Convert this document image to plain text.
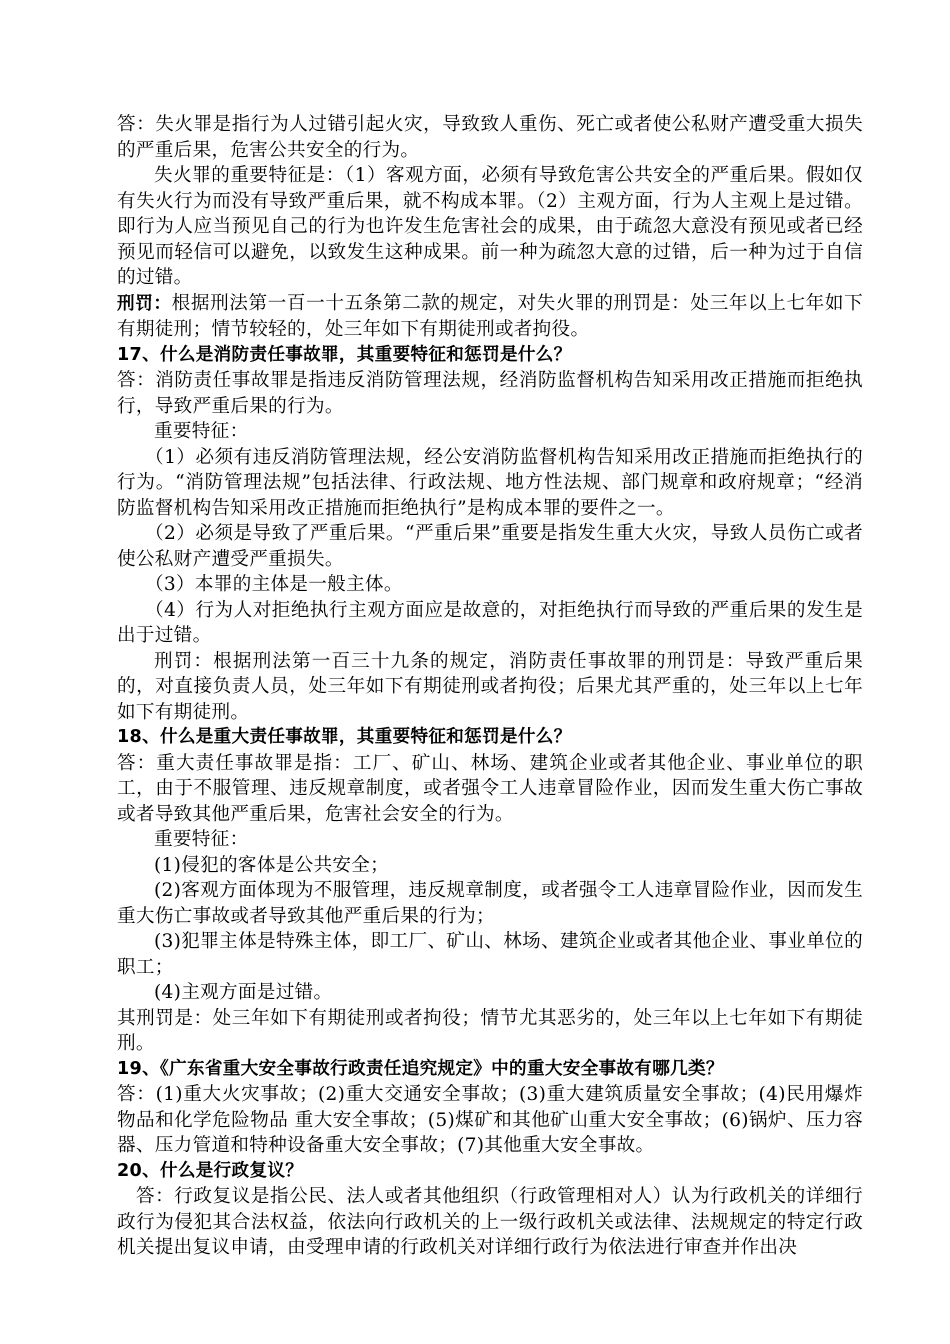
答：失火罪是指行为人过错引起火灾，导致致人重伤、死亡或者使公私财产遭受重大损失的严重后果，危害公共安全的行为。

失火罪的重要特征是：（1）客观方面，必须有导致危害公共安全的严重后果。假如仅有失火行为而没有导致严重后果，就不构成本罪。（2）主观方面，行为人主观上是过错。即行为人应当预见自己的行为也许发生危害社会的成果，由于疏忽大意没有预见或者已经预见而轻信可以避免，以致发生这种成果。前一种为疏忽大意的过错，后一种为过于自信的过错。

刑罚：根据刑法第一百一十五条第二款的规定，对失火罪的刑罚是：处三年以上七年如下有期徒刑；情节较轻的，处三年如下有期徒刑或者拘役。

17、什么是消防责任事故罪，其重要特征和惩罚是什么？

答：消防责任事故罪是指违反消防管理法规，经消防监督机构告知采用改正措施而拒绝执行，导致严重后果的行为。

重要特征：

（1）必须有违反消防管理法规，经公安消防监督机构告知采用改正措施而拒绝执行的行为。“消防管理法规”包括法律、行政法规、地方性法规、部门规章和政府规章；“经消防监督机构告知采用改正措施而拒绝执行”是构成本罪的要件之一。

（2）必须是导致了严重后果。“严重后果”重要是指发生重大火灾，导致人员伤亡或者使公私财产遭受严重损失。

（3）本罪的主体是一般主体。

（4）行为人对拒绝执行主观方面应是故意的，对拒绝执行而导致的严重后果的发生是出于过错。

刑罚：根据刑法第一百三十九条的规定，消防责任事故罪的刑罚是：导致严重后果的，对直接负责人员，处三年如下有期徒刑或者拘役；后果尤其严重的，处三年以上七年如下有期徒刑。

18、什么是重大责任事故罪，其重要特征和惩罚是什么？

答：重大责任事故罪是指：工厂、矿山、林场、建筑企业或者其他企业、事业单位的职工，由于不服管理、违反规章制度，或者强令工人违章冒险作业，因而发生重大伤亡事故或者导致其他严重后果，危害社会安全的行为。

重要特征：

(1)侵犯的客体是公共安全；

(2)客观方面体现为不服管理，违反规章制度，或者强令工人违章冒险作业，因而发生重大伤亡事故或者导致其他严重后果的行为；

(3)犯罪主体是特殊主体，即工厂、矿山、林场、建筑企业或者其他企业、事业单位的职工；

(4)主观方面是过错。

其刑罚是：处三年如下有期徒刑或者拘役；情节尤其恶劣的，处三年以上七年如下有期徒刑。

19、《广东省重大安全事故行政责任追究规定》中的重大安全事故有哪几类？

答：(1)重大火灾事故；(2)重大交通安全事故；(3)重大建筑质量安全事故；(4)民用爆炸物品和化学危险物品 重大安全事故；(5)煤矿和其他矿山重大安全事故；(6)锅炉、压力容器、压力管道和特种设备重大安全事故；(7)其他重大安全事故。

20、什么是行政复议？

答：行政复议是指公民、法人或者其他组织（行政管理相对人）认为行政机关的详细行政行为侵犯其合法权益，依法向行政机关的上一级行政机关或法律、法规规定的特定行政机关提出复议申请，由受理申请的行政机关对详细行政行为依法进行审查并作出决
